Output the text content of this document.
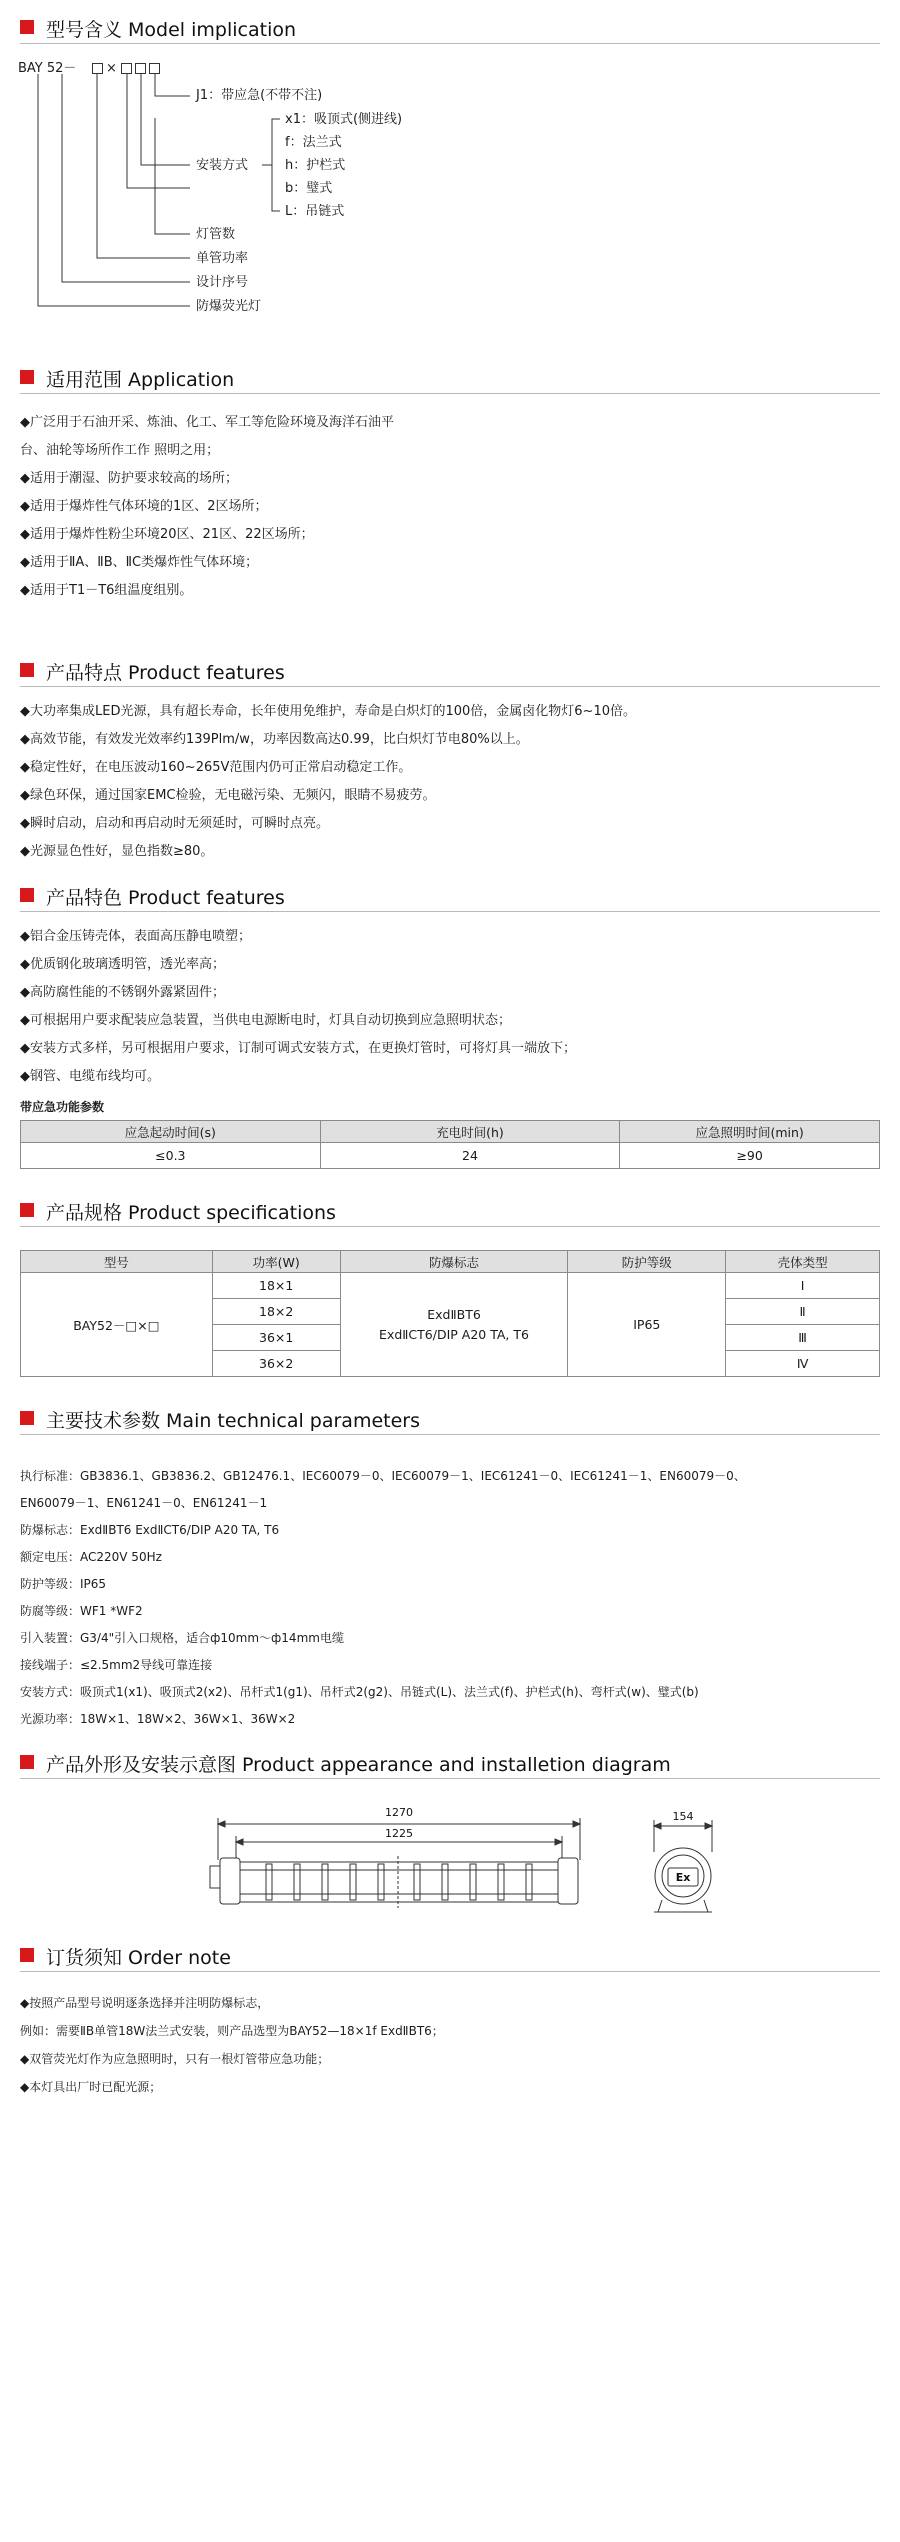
型号含义 Model implication
BAY 52－ ×
J1：带应急(不带不注)
x1：吸顶式(侧进线)
f：法兰式
安装方式	h：护栏式
b：璧式
L：吊链式
灯管数
单管功率
设计序号
防爆荧光灯
适用范围 Application
◆广泛用于石油开采、炼油、化工、军工等危险环境及海洋石油平
台、油轮等场所作工作 照明之用；
◆适用于潮湿、防护要求较高的场所；
◆适用于爆炸性气体环境的1区、2区场所；
◆适用于爆炸性粉尘环境20区、21区、22区场所；
◆适用于ⅡA、ⅡB、ⅡC类爆炸性气体环境；
◆适用于T1－T6组温度组别。
产品特点 Product features
◆大功率集成LED光源，具有超长寿命，长年使用免维护，寿命是白炽灯的100倍，金属卤化物灯6~10倍。
◆高效节能，有效发光效率约139Plm/w，功率因数高达0.99，比白炽灯节电80%以上。
◆稳定性好，在电压波动160~265V范围内仍可正常启动稳定工作。
◆绿色环保，通过国家EMC检验，无电磁污染、无频闪，眼睛不易疲劳。
◆瞬时启动，启动和再启动时无须延时，可瞬时点亮。
◆光源显色性好，显色指数≥80。
产品特色 Product features
◆铝合金压铸壳体，表面高压静电喷塑；
◆优质钢化玻璃透明管，透光率高；
◆高防腐性能的不锈钢外露紧固件；
◆可根据用户要求配装应急装置，当供电电源断电时，灯具自动切换到应急照明状态；
◆安装方式多样，另可根据用户要求，订制可调式安装方式，在更换灯管时，可将灯具一端放下；
◆钢管、电缆布线均可。
带应急功能参数
应急起动时间(s)	充电时间(h)	应急照明时间(min)
≤0.3	24	≥90
产品规格 Product specifications
型号	功率(W)	防爆标志	防护等级	壳体类型
BAY52－□×□	18×1	ExdⅡBT6
ExdⅡCT6/DIP A20 TA, T6	IP65	Ⅰ
	18×2			Ⅱ
	36×1			Ⅲ
	36×2			Ⅳ
主要技术参数 Main technical parameters
执行标准：GB3836.1、GB3836.2、GB12476.1、IEC60079－0、IEC60079－1、IEC61241－0、IEC61241－1、EN60079－0、
EN60079－1、EN61241－0、EN61241－1
防爆标志：ExdⅡBT6 ExdⅡCT6/DIP A20 TA, T6
额定电压：AC220V 50Hz
防护等级：IP65
防腐等级：WF1 *WF2
引入装置：G3/4"引入口规格，适合ф10mm～ф14mm电缆
接线端子：≤2.5mm2导线可靠连接
安装方式：吸顶式1(x1)、吸顶式2(x2)、吊杆式1(g1)、吊杆式2(g2)、吊链式(L)、法兰式(f)、护栏式(h)、弯杆式(w)、璧式(b)
光源功率：18W×1、18W×2、36W×1、36W×2
产品外形及安装示意图 Product appearance and installetion diagram
1270
1225
154
Ex
订货须知 Order note
◆按照产品型号说明逐条选择并注明防爆标志，
例如：需要ⅡB单管18W法兰式安装，则产品选型为BAY52—18×1f ExdⅡBT6；
◆双管荧光灯作为应急照明时，只有一根灯管带应急功能；
◆本灯具出厂时已配光源；
